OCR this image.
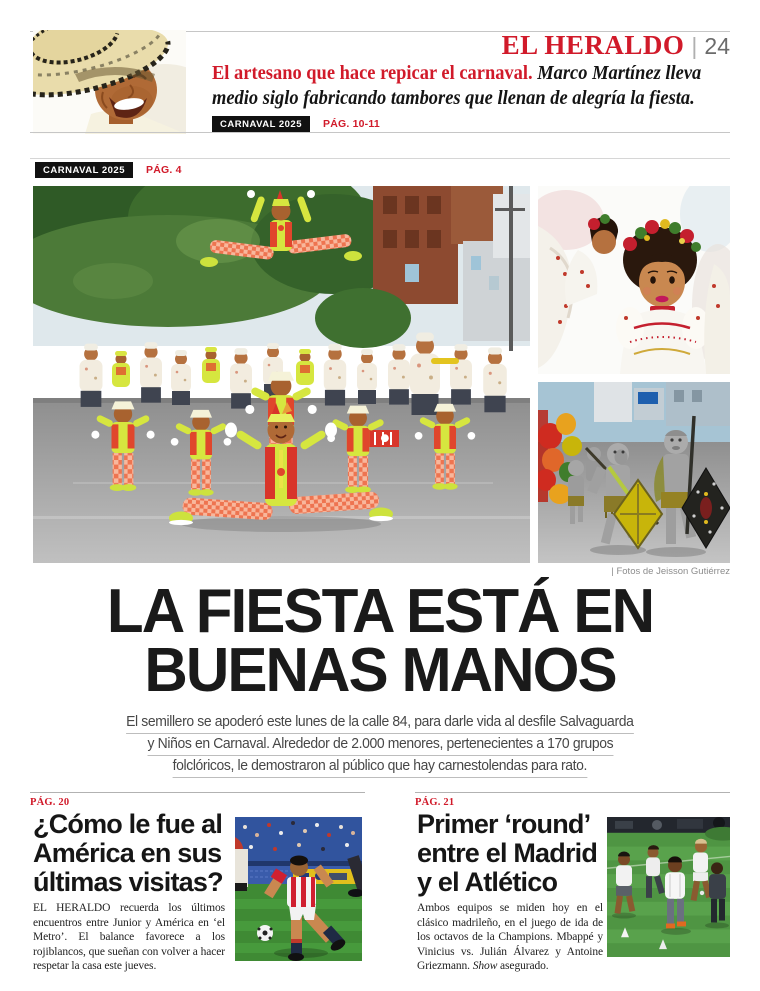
EL HERALDO | 24
El artesano que hace repicar el carnaval. Marco Martínez lleva
medio siglo fabricando tambores que llenan de alegría la fiesta.
CARNAVAL 2025	PÁG. 10-11
CARNAVAL 2025	PÁG. 4
| Fotos de Jeisson Gutiérrez
LA FIESTA ESTÁ EN
BUENAS MANOS
El semillero se apoderó este lunes de la calle 84, para darle vida al desfile Salvaguarda
y Niños en Carnaval. Alrededor de 2.000 menores, pertenecientes a 170 grupos
folclóricos, le demostraron al público que hay carnestolendas para rato.
PÁG. 20
¿Cómo le fue al América en sus últimas visitas?
EL HERALDO recuerda los últimos encuentros entre Junior y América en ‘el Metro’. El balance favorece a los rojiblancos, que sueñan con volver a hacer respetar la casa este jueves.
PÁG. 21
Primer ‘round’ entre el Madrid y el Atlético
Ambos equipos se miden hoy en el clásico madrileño, en el juego de ida de los octavos de la Champions. Mbappé y Vinicius vs. Julián Álvarez y Antoine Griezmann. Show asegurado.
